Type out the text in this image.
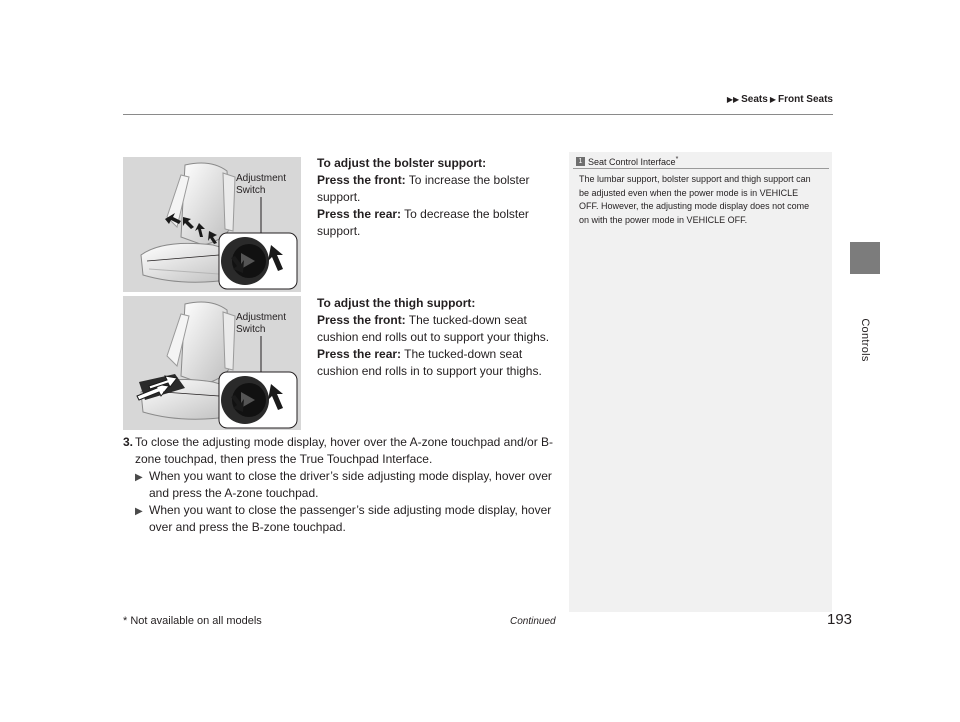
▶▶ Seats ▶ Front Seats
Controls
Adjustment
Switch
Adjustment
Switch
To adjust the bolster support:
Press the front: To increase the bolster support.
Press the rear: To decrease the bolster support.
To adjust the thigh support:
Press the front: The tucked-down seat cushion end rolls out to support your thighs.
Press the rear: The tucked-down seat cushion end rolls in to support your thighs.
3. To close the adjusting mode display, hover over the A-zone touchpad and/or B-zone touchpad, then press the True Touchpad Interface.
▶ When you want to close the driver’s side adjusting mode display, hover over and press the A-zone touchpad.
▶ When you want to close the passenger’s side adjusting mode display, hover over and press the B-zone touchpad.
1 Seat Control Interface*
The lumbar support, bolster support and thigh support can be adjusted even when the power mode is in VEHICLE OFF. However, the adjusting mode display does not come on with the power mode in VEHICLE OFF.
* Not available on all models	Continued	193
